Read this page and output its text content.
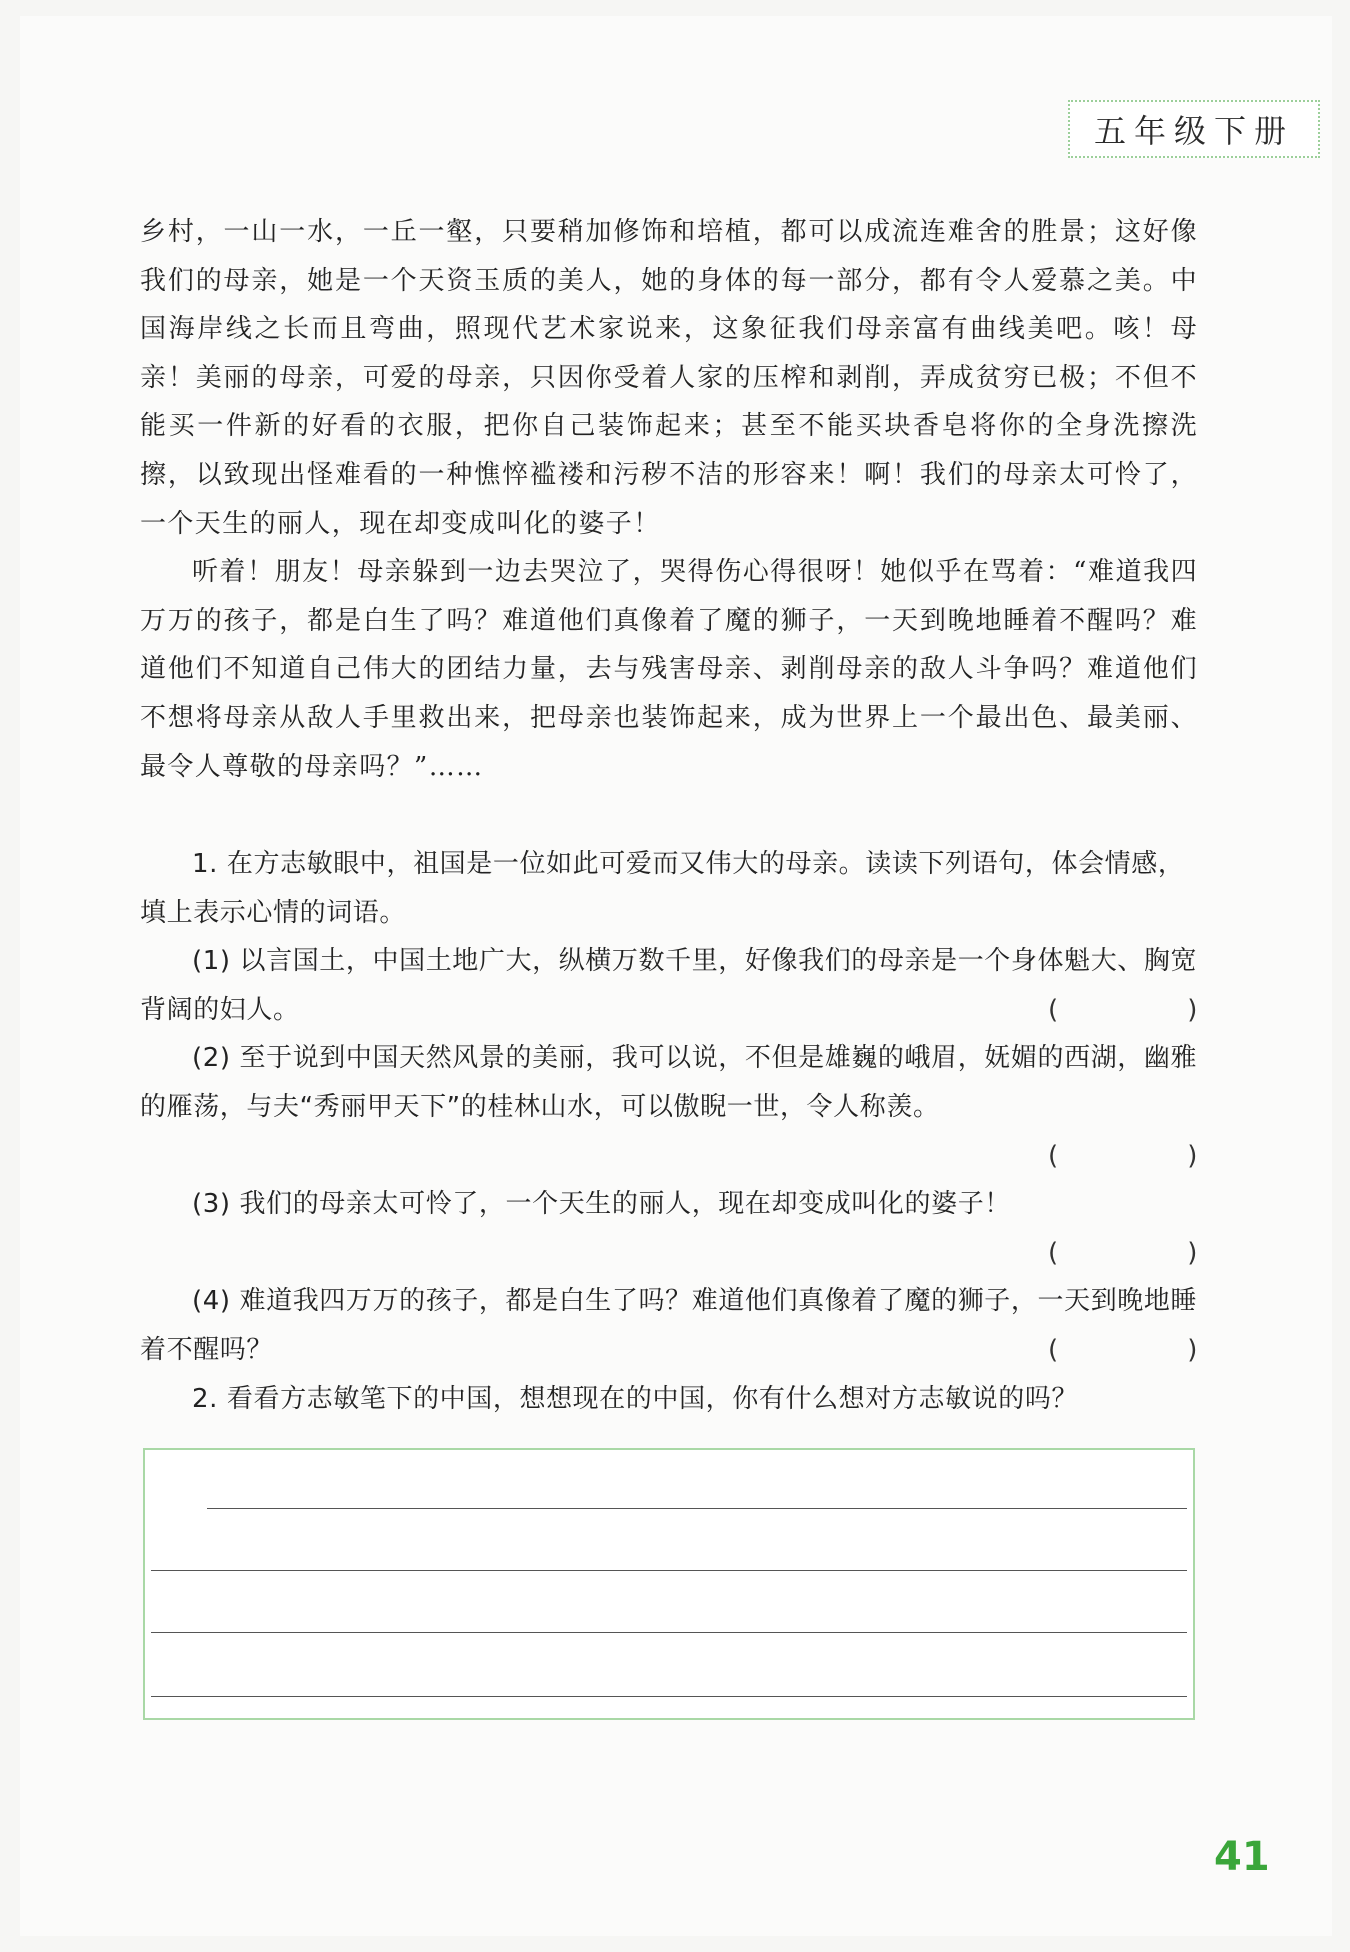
五年级下册

乡村，一山一水，一丘一壑，只要稍加修饰和培植，都可以成流连难舍的胜景；这好像我们的母亲，她是一个天资玉质的美人，她的身体的每一部分，都有令人爱慕之美。中国海岸线之长而且弯曲，照现代艺术家说来，这象征我们母亲富有曲线美吧。咳！母亲！美丽的母亲，可爱的母亲，只因你受着人家的压榨和剥削，弄成贫穷已极；不但不能买一件新的好看的衣服，把你自己装饰起来；甚至不能买块香皂将你的全身洗擦洗擦，以致现出怪难看的一种憔悴褴褛和污秽不洁的形容来！啊！我们的母亲太可怜了，一个天生的丽人，现在却变成叫化的婆子！

听着！朋友！母亲躲到一边去哭泣了，哭得伤心得很呀！她似乎在骂着：“难道我四万万的孩子，都是白生了吗？难道他们真像着了魔的狮子，一天到晚地睡着不醒吗？难道他们不知道自己伟大的团结力量，去与残害母亲、剥削母亲的敌人斗争吗？难道他们不想将母亲从敌人手里救出来，把母亲也装饰起来，成为世界上一个最出色、最美丽、最令人尊敬的母亲吗？”……

1. 在方志敏眼中，祖国是一位如此可爱而又伟大的母亲。读读下列语句，体会情感，填上表示心情的词语。

(1) 以言国土，中国土地广大，纵横万数千里，好像我们的母亲是一个身体魁大、胸宽背阔的妇人。	(	)

(2) 至于说到中国天然风景的美丽，我可以说，不但是雄巍的峨眉，妩媚的西湖，幽雅的雁荡，与夫“秀丽甲天下”的桂林山水，可以傲睨一世，令人称羡。

(	)

(3) 我们的母亲太可怜了，一个天生的丽人，现在却变成叫化的婆子！

(	)

(4) 难道我四万万的孩子，都是白生了吗？难道他们真像着了魔的狮子，一天到晚地睡着不醒吗？	(	)

2. 看看方志敏笔下的中国，想想现在的中国，你有什么想对方志敏说的吗？

41
